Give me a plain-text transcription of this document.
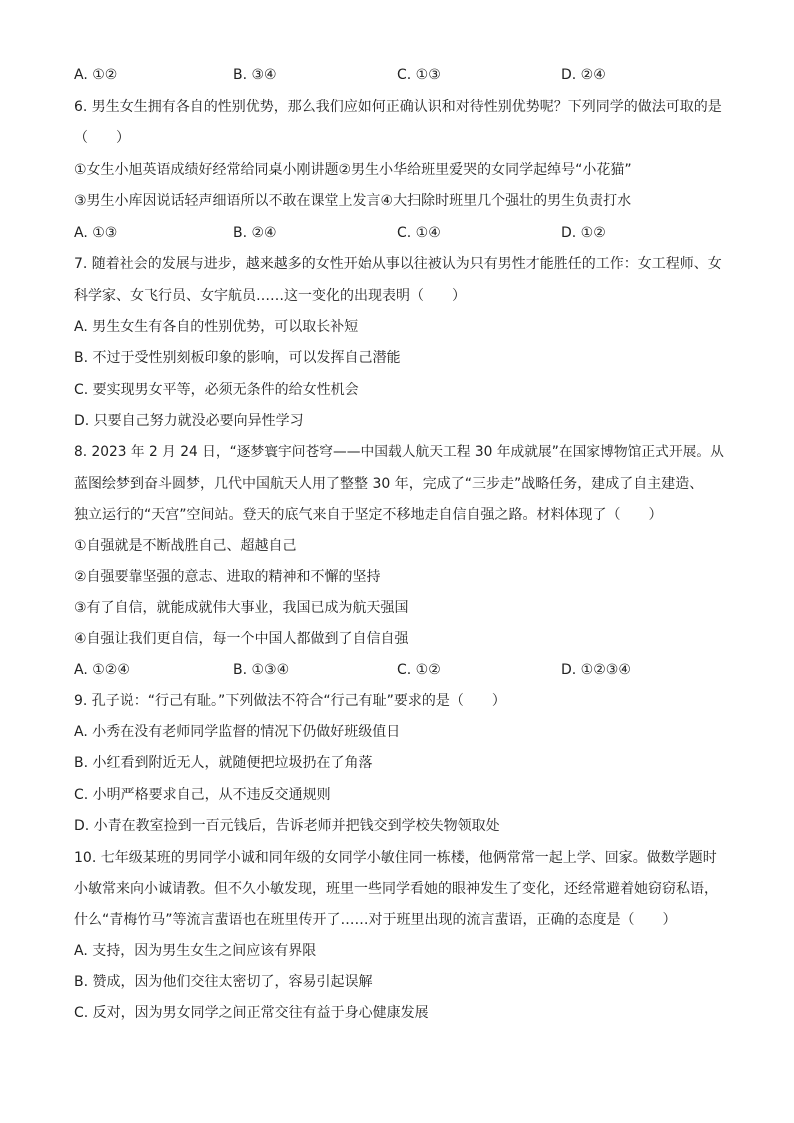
A. ①②	B. ③④	C. ①③	D. ②④
6. 男生女生拥有各自的性别优势，那么我们应如何正确认识和对待性别优势呢？下列同学的做法可取的是
（　　）
①女生小旭英语成绩好经常给同桌小刚讲题②男生小华给班里爱哭的女同学起绰号“小花猫”
③男生小库因说话轻声细语所以不敢在课堂上发言④大扫除时班里几个强壮的男生负责打水
A. ①③	B. ②④	C. ①④	D. ①②
7. 随着社会的发展与进步，越来越多的女性开始从事以往被认为只有男性才能胜任的工作：女工程师、女
科学家、女飞行员、女宇航员……这一变化的出现表明（　　）
A. 男生女生有各自的性别优势，可以取长补短
B. 不过于受性别刻板印象的影响，可以发挥自己潜能
C. 要实现男女平等，必须无条件的给女性机会
D. 只要自己努力就没必要向异性学习
8. 2023 年 2 月 24 日，“逐梦寰宇问苍穹——中国载人航天工程 30 年成就展”在国家博物馆正式开展。从
蓝图绘梦到奋斗圆梦，几代中国航天人用了整整 30 年，完成了“三步走”战略任务，建成了自主建造、
独立运行的“天宫”空间站。登天的底气来自于坚定不移地走自信自强之路。材料体现了（　　）
①自强就是不断战胜自己、超越自己
②自强要靠坚强的意志、进取的精神和不懈的坚持
③有了自信，就能成就伟大事业，我国已成为航天强国
④自强让我们更自信，每一个中国人都做到了自信自强
A. ①②④	B. ①③④	C. ①②	D. ①②③④
9. 孔子说：“行己有耻。”下列做法不符合“行己有耻”要求的是（　　）
A. 小秀在没有老师同学监督的情况下仍做好班级值日
B. 小红看到附近无人，就随便把垃圾扔在了角落
C. 小明严格要求自己，从不违反交通规则
D. 小青在教室捡到一百元钱后，告诉老师并把钱交到学校失物领取处
10. 七年级某班的男同学小诚和同年级的女同学小敏住同一栋楼，他俩常常一起上学、回家。做数学题时
小敏常来向小诚请教。但不久小敏发现，班里一些同学看她的眼神发生了变化，还经常避着她窃窃私语，
什么“青梅竹马”等流言蜚语也在班里传开了……对于班里出现的流言蜚语，正确的态度是（　　）
A. 支持，因为男生女生之间应该有界限
B. 赞成，因为他们交往太密切了，容易引起误解
C. 反对，因为男女同学之间正常交往有益于身心健康发展
